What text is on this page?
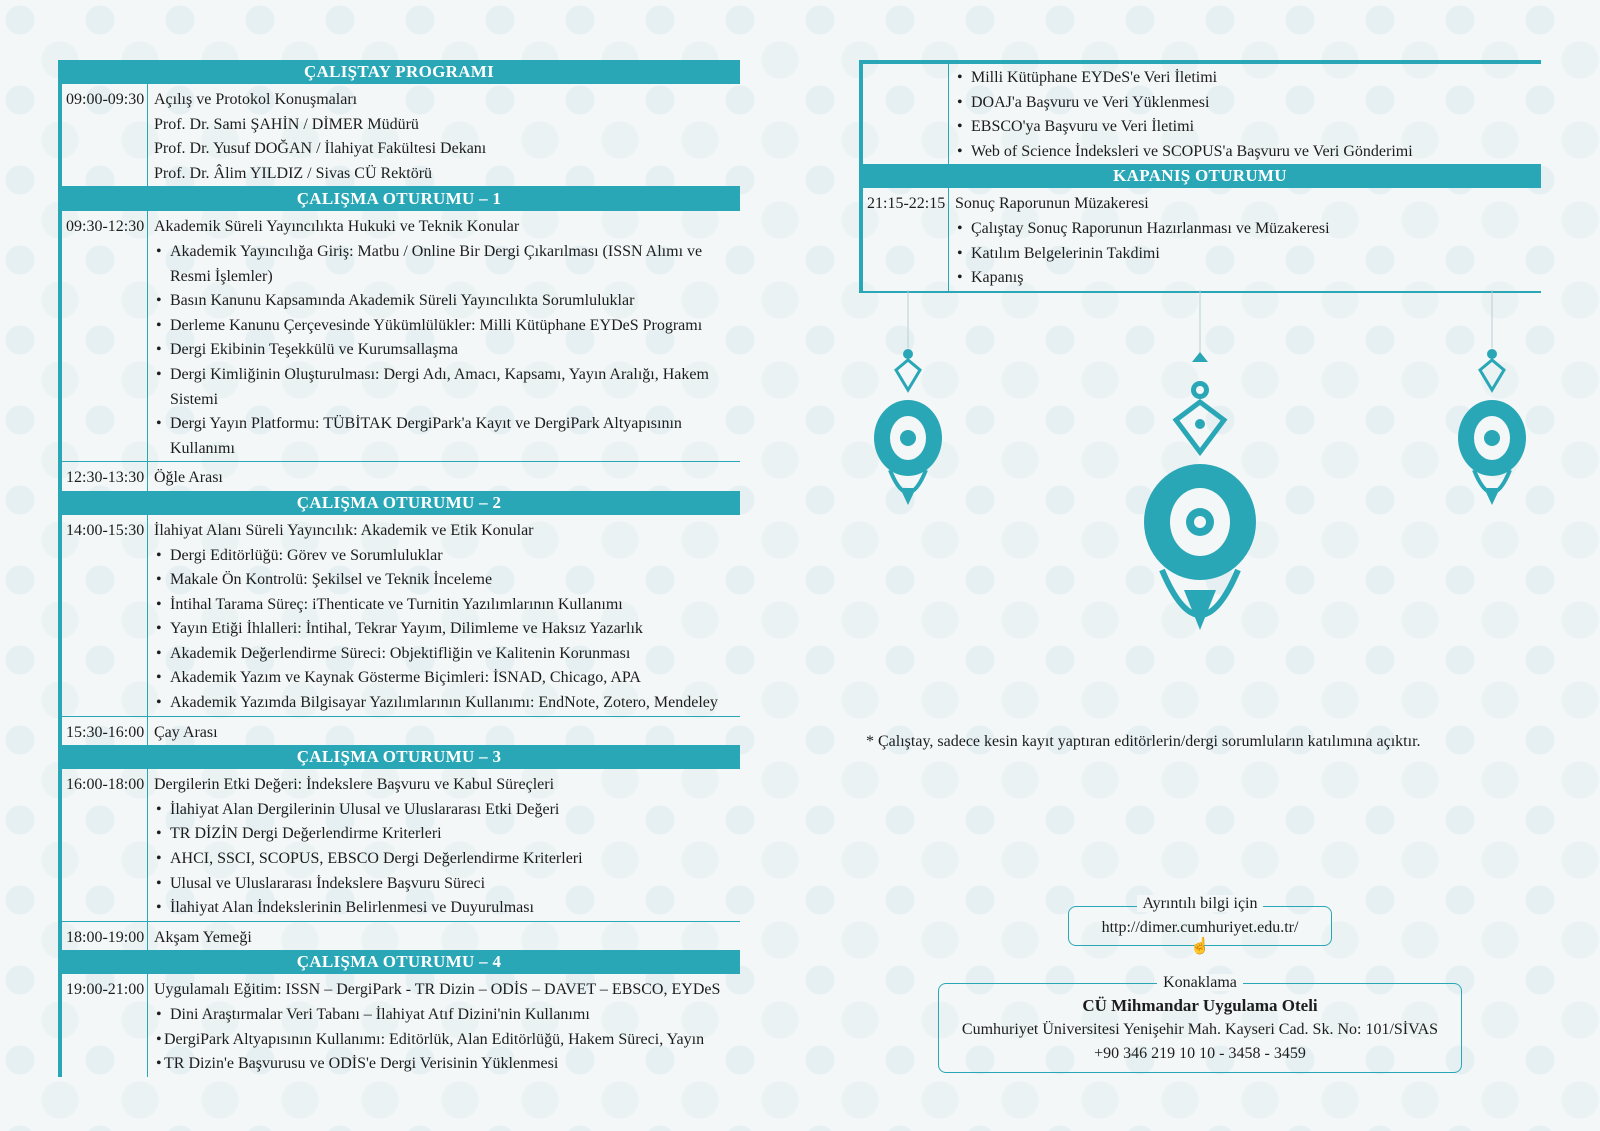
ÇALIŞTAY PROGRAMI
09:00-09:30 Açılış ve Protokol Konuşmaları
Prof. Dr. Sami ŞAHİN / DİMER Müdürü
Prof. Dr. Yusuf DOĞAN / İlahiyat Fakültesi Dekanı
Prof. Dr. Âlim YILDIZ / Sivas CÜ Rektörü
ÇALIŞMA OTURUMU – 1
09:30-12:30 Akademik Süreli Yayıncılıkta Hukuki ve Teknik Konular
• Akademik Yayıncılığa Giriş: Matbu / Online Bir Dergi Çıkarılması (ISSN Alımı ve Resmi İşlemler)
• Basın Kanunu Kapsamında Akademik Süreli Yayıncılıkta Sorumluluklar
• Derleme Kanunu Çerçevesinde Yükümlülükler: Milli Kütüphane EYDeS Programı
• Dergi Ekibinin Teşekkülü ve Kurumsallaşma
• Dergi Kimliğinin Oluşturulması: Dergi Adı, Amacı, Kapsamı, Yayın Aralığı, Hakem Sistemi
• Dergi Yayın Platformu: TÜBİTAK DergiPark'a Kayıt ve DergiPark Altyapısının Kullanımı
12:30-13:30 Öğle Arası
ÇALIŞMA OTURUMU – 2
14:00-15:30 İlahiyat Alanı Süreli Yayıncılık: Akademik ve Etik Konular
• Dergi Editörlüğü: Görev ve Sorumluluklar
• Makale Ön Kontrolü: Şekilsel ve Teknik İnceleme
• İntihal Tarama Süreç: iThenticate ve Turnitin Yazılımlarının Kullanımı
• Yayın Etiği İhlalleri: İntihal, Tekrar Yayım, Dilimleme ve Haksız Yazarlık
• Akademik Değerlendirme Süreci: Objektifliğin ve Kalitenin Korunması
• Akademik Yazım ve Kaynak Gösterme Biçimleri: İSNAD, Chicago, APA
• Akademik Yazımda Bilgisayar Yazılımlarının Kullanımı: EndNote, Zotero, Mendeley
15:30-16:00 Çay Arası
ÇALIŞMA OTURUMU – 3
16:00-18:00 Dergilerin Etki Değeri: İndekslere Başvuru ve Kabul Süreçleri
• İlahiyat Alan Dergilerinin Ulusal ve Uluslararası Etki Değeri
• TR DİZİN Dergi Değerlendirme Kriterleri
• AHCI, SSCI, SCOPUS, EBSCO Dergi Değerlendirme Kriterleri
• Ulusal ve Uluslararası İndekslere Başvuru Süreci
• İlahiyat Alan İndekslerinin Belirlenmesi ve Duyurulması
18:00-19:00 Akşam Yemeği
ÇALIŞMA OTURUMU – 4
19:00-21:00 Uygulamalı Eğitim: ISSN – DergiPark - TR Dizin – ODİS – DAVET – EBSCO, EYDeS
• Dini Araştırmalar Veri Tabanı – İlahiyat Atıf Dizini'nin Kullanımı
• DergiPark Altyapısının Kullanımı: Editörlük, Alan Editörlüğü, Hakem Süreci, Yayın
• TR Dizin'e Başvurusu ve ODİS'e Dergi Verisinin Yüklenmesi
• Milli Kütüphane EYDeS'e Veri İletimi
• DOAJ'a Başvuru ve Veri Yüklenmesi
• EBSCO'ya Başvuru ve Veri İletimi
• Web of Science İndeksleri ve SCOPUS'a Başvuru ve Veri Gönderimi
KAPANIŞ OTURUMU
21:15-22:15 Sonuç Raporunun Müzakeresi
• Çalıştay Sonuç Raporunun Hazırlanması ve Müzakeresi
• Katılım Belgelerinin Takdimi
• Kapanış
* Çalıştay, sadece kesin kayıt yaptıran editörlerin/dergi sorumluların katılımına açıktır.
Ayrıntılı bilgi için
http://dimer.cumhuriyet.edu.tr/
☝
Konaklama
CÜ Mihmandar Uygulama Oteli
Cumhuriyet Üniversitesi Yenişehir Mah. Kayseri Cad. Sk. No: 101/SİVAS
+90 346 219 10 10 - 3458 - 3459
